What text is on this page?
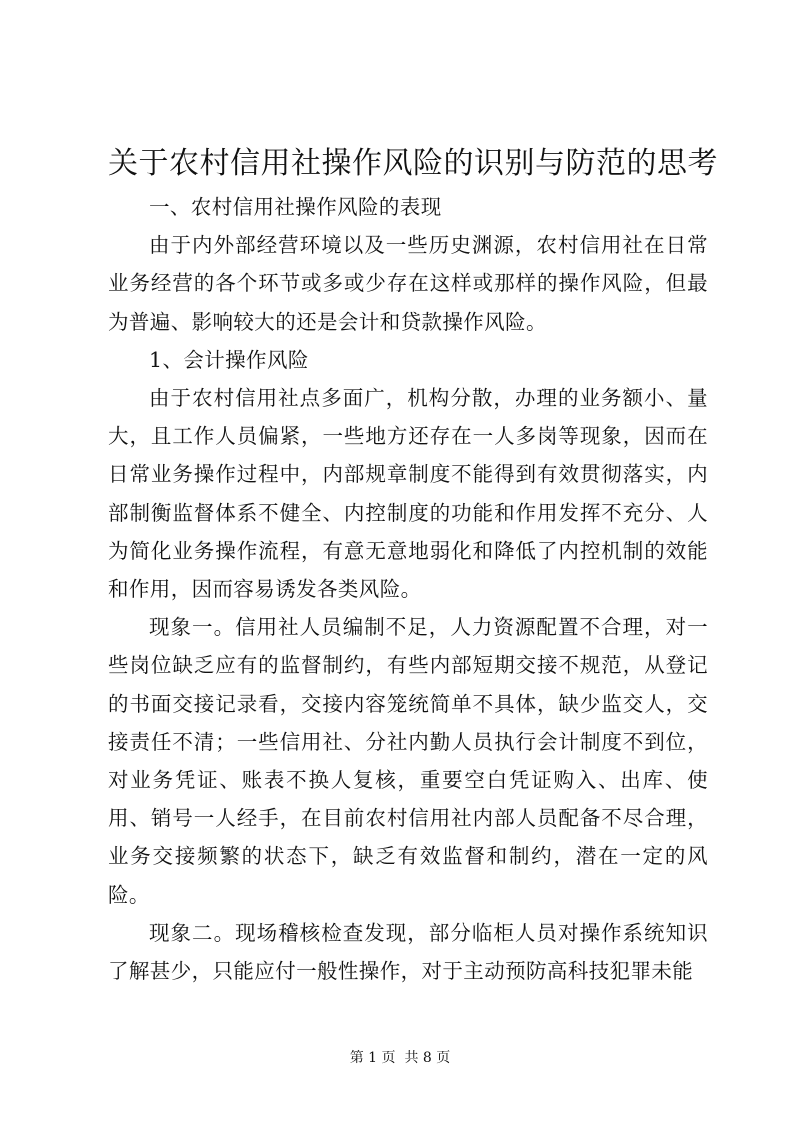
关于农村信用社操作风险的识别与防范的思考

一、农村信用社操作风险的表现

由于内外部经营环境以及一些历史渊源，农村信用社在日常业务经营的各个环节或多或少存在这样或那样的操作风险，但最为普遍、影响较大的还是会计和贷款操作风险。

1、会计操作风险

由于农村信用社点多面广，机构分散，办理的业务额小、量大，且工作人员偏紧，一些地方还存在一人多岗等现象，因而在日常业务操作过程中，内部规章制度不能得到有效贯彻落实，内部制衡监督体系不健全、内控制度的功能和作用发挥不充分、人为简化业务操作流程，有意无意地弱化和降低了内控机制的效能和作用，因而容易诱发各类风险。

现象一。信用社人员编制不足，人力资源配置不合理，对一些岗位缺乏应有的监督制约，有些内部短期交接不规范，从登记的书面交接记录看，交接内容笼统简单不具体，缺少监交人，交接责任不清；一些信用社、分社内勤人员执行会计制度不到位，对业务凭证、账表不换人复核，重要空白凭证购入、出库、使用、销号一人经手，在目前农村信用社内部人员配备不尽合理，业务交接频繁的状态下，缺乏有效监督和制约，潜在一定的风险。

现象二。现场稽核检查发现，部分临柜人员对操作系统知识了解甚少，只能应付一般性操作，对于主动预防高科技犯罪未能

第 1 页  共 8 页
